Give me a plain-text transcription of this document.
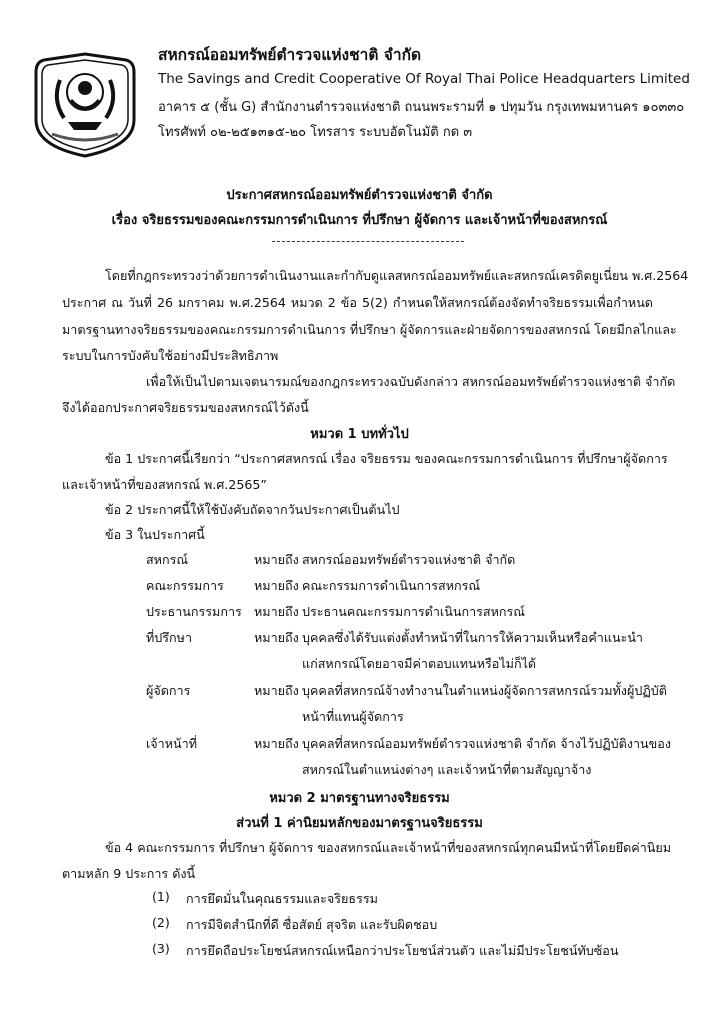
สหกรณ์ออมทรัพย์ตำรวจแห่งชาติ จำกัด
The Savings and Credit Cooperative Of Royal Thai Police Headquarters Limited
อาคาร ๕ (ชั้น G) สำนักงานตำรวจแห่งชาติ ถนนพระรามที่ ๑ ปทุมวัน กรุงเทพมหานคร ๑๐๓๓๐
โทรศัพท์ ๐๒-๒๕๑๓๑๕-๒๐ โทรสาร ระบบอัตโนมัติ กด ๓
ประกาศสหกรณ์ออมทรัพย์ตำรวจแห่งชาติ จำกัด
เรื่อง จริยธรรมของคณะกรรมการดำเนินการ ที่ปรึกษา ผู้จัดการ และเจ้าหน้าที่ของสหกรณ์
โดยที่กฎกระทรวงว่าด้วยการดำเนินงานและกำกับดูแลสหกรณ์ออมทรัพย์และสหกรณ์เครดิตยูเนี่ยน พ.ศ.2564
ประกาศ ณ วันที่ 26 มกราคม พ.ศ.2564 หมวด 2 ข้อ 5(2) กำหนดให้สหกรณ์ต้องจัดทำจริยธรรมเพื่อกำหนด
มาตรฐานทางจริยธรรมของคณะกรรมการดำเนินการ ที่ปรึกษา ผู้จัดการและฝ่ายจัดการของสหกรณ์ โดยมีกลไกและ
ระบบในการบังคับใช้อย่างมีประสิทธิภาพ
เพื่อให้เป็นไปตามเจตนารมณ์ของกฎกระทรวงฉบับดังกล่าว สหกรณ์ออมทรัพย์ตำรวจแห่งชาติ จำกัด
จึงได้ออกประกาศจริยธรรมของสหกรณ์ไว้ดังนี้
หมวด 1 บททั่วไป
ข้อ 1 ประกาศนี้เรียกว่า “ประกาศสหกรณ์ เรื่อง จริยธรรม ของคณะกรรมการดำเนินการ ที่ปรึกษาผู้จัดการ
และเจ้าหน้าที่ของสหกรณ์ พ.ศ.2565”
ข้อ 2 ประกาศนี้ให้ใช้บังคับถัดจากวันประกาศเป็นต้นไป
ข้อ 3 ในประกาศนี้
สหกรณ์	หมายถึง สหกรณ์ออมทรัพย์ตำรวจแห่งชาติ จำกัด
คณะกรรมการ หมายถึง คณะกรรมการดำเนินการสหกรณ์
ประธานกรรมการ หมายถึง ประธานคณะกรรมการดำเนินการสหกรณ์
ที่ปรึกษา	หมายถึง บุคคลซึ่งได้รับแต่งตั้งทำหน้าที่ในการให้ความเห็นหรือคำแนะนำ
แก่สหกรณ์โดยอาจมีค่าตอบแทนหรือไม่ก็ได้
ผู้จัดการ	หมายถึง บุคคลที่สหกรณ์จ้างทำงานในตำแหน่งผู้จัดการสหกรณ์รวมทั้งผู้ปฏิบัติ
หน้าที่แทนผู้จัดการ
เจ้าหน้าที่	หมายถึง บุคคลที่สหกรณ์ออมทรัพย์ตำรวจแห่งชาติ จำกัด จ้างไว้ปฏิบัติงานของ
สหกรณ์ในตำแหน่งต่างๆ และเจ้าหน้าที่ตามสัญญาจ้าง
หมวด 2 มาตรฐานทางจริยธรรม
ส่วนที่ 1 ค่านิยมหลักของมาตรฐานจริยธรรม
ข้อ 4 คณะกรรมการ ที่ปรึกษา ผู้จัดการ ของสหกรณ์และเจ้าหน้าที่ของสหกรณ์ทุกคนมีหน้าที่โดยยึดค่านิยม
ตามหลัก 9 ประการ ดังนี้
(1) การยึดมั่นในคุณธรรมและจริยธรรม
(2) การมีจิตสำนึกที่ดี ซื่อสัตย์ สุจริต และรับผิดชอบ
(3) การยึดถือประโยชน์สหกรณ์เหนือกว่าประโยชน์ส่วนตัว และไม่มีประโยชน์ทับซ้อน
